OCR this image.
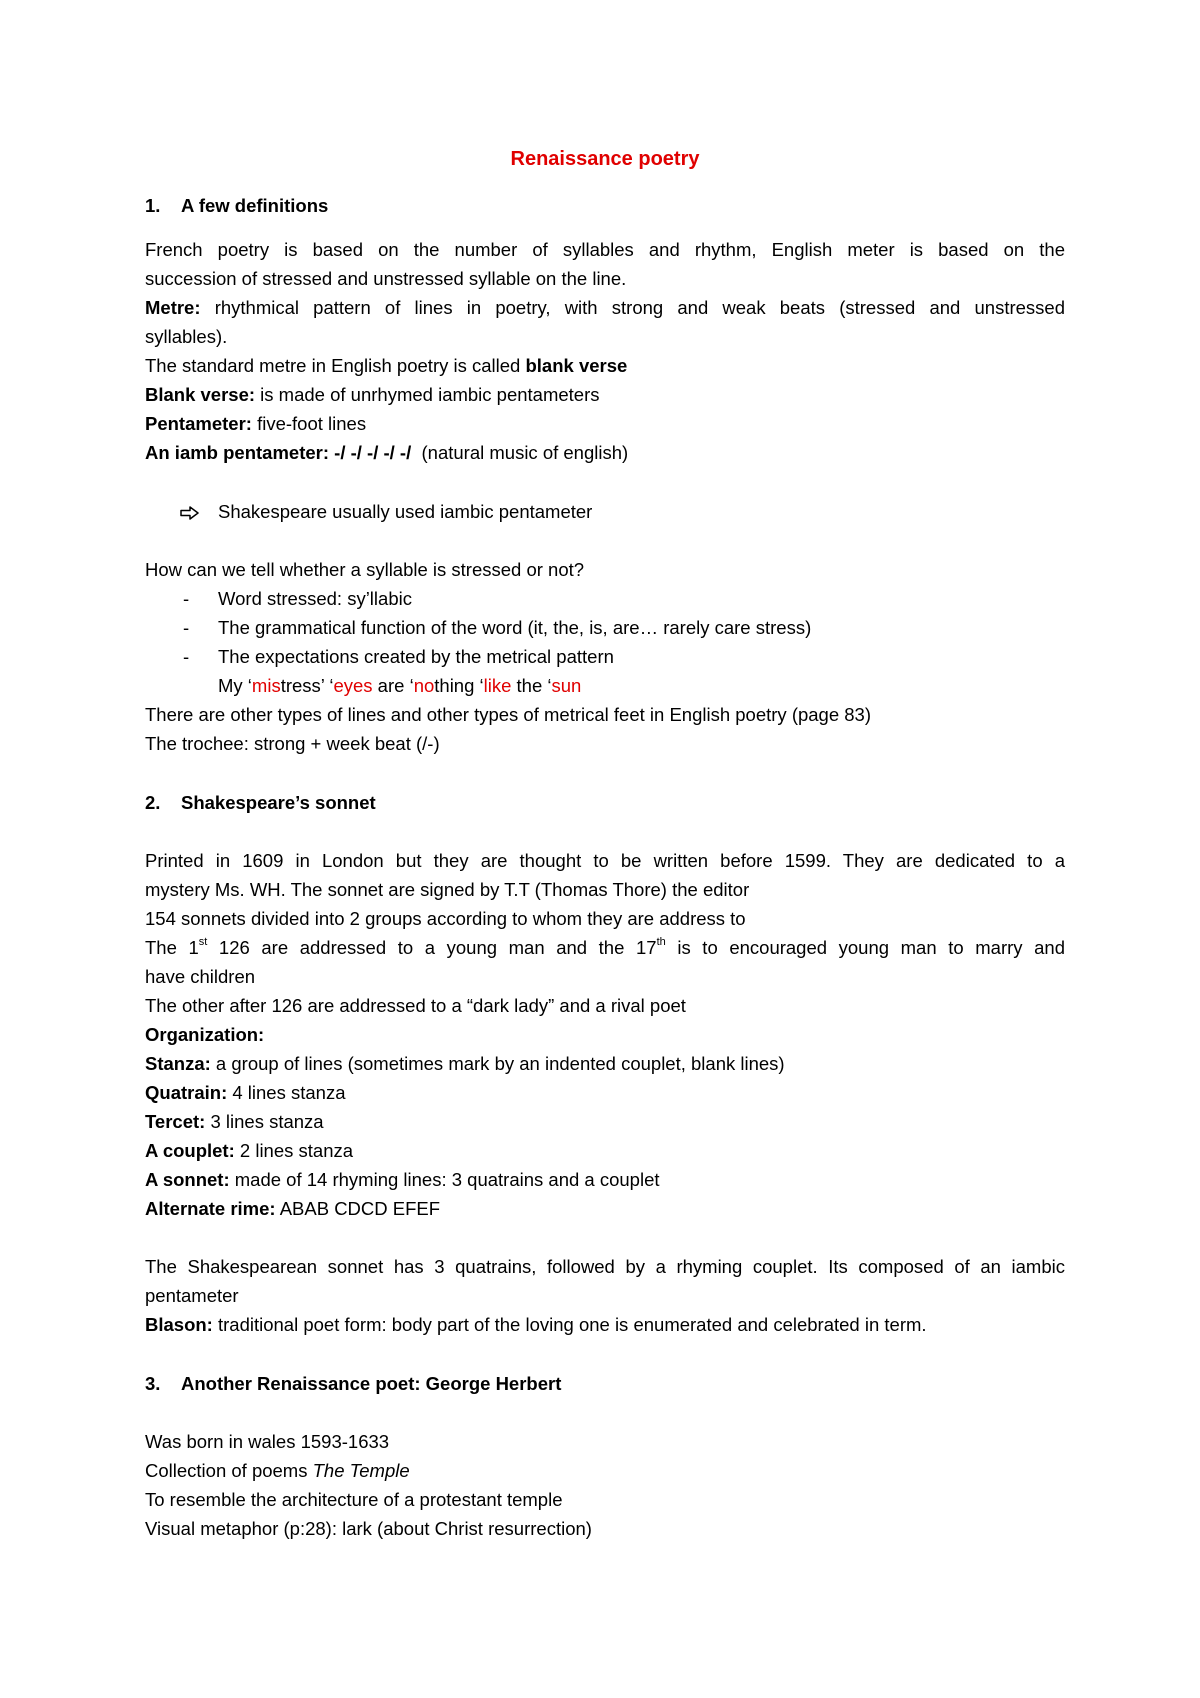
Renaissance poetry
1. A few definitions
French poetry is based on the number of syllables and rhythm, English meter is based on the
succession of stressed and unstressed syllable on the line.
Metre: rhythmical pattern of lines in poetry, with strong and weak beats (stressed and unstressed
syllables).
The standard metre in English poetry is called blank verse
Blank verse: is made of unrhymed iambic pentameters
Pentameter: five-foot lines
An iamb pentameter: -/ -/ -/ -/ -/  (natural music of english)
Shakespeare usually used iambic pentameter
How can we tell whether a syllable is stressed or not?
- Word stressed: sy’llabic
- The grammatical function of the word (it, the, is, are… rarely care stress)
- The expectations created by the metrical pattern
My ‘mistress’ ‘eyes are ‘nothing ‘like the ‘sun
There are other types of lines and other types of metrical feet in English poetry (page 83)
The trochee: strong + week beat (/-)
2. Shakespeare’s sonnet
Printed in 1609 in London but they are thought to be written before 1599. They are dedicated to a
mystery Ms. WH. The sonnet are signed by T.T (Thomas Thore) the editor
154 sonnets divided into 2 groups according to whom they are address to
The 1st 126 are addressed to a young man and the 17th is to encouraged young man to marry and
have children
The other after 126 are addressed to a “dark lady” and a rival poet
Organization:
Stanza: a group of lines (sometimes mark by an indented couplet, blank lines)
Quatrain: 4 lines stanza
Tercet: 3 lines stanza
A couplet: 2 lines stanza
A sonnet: made of 14 rhyming lines: 3 quatrains and a couplet
Alternate rime: ABAB CDCD EFEF
The Shakespearean sonnet has 3 quatrains, followed by a rhyming couplet. Its composed of an iambic
pentameter
Blason: traditional poet form: body part of the loving one is enumerated and celebrated in term.
3. Another Renaissance poet: George Herbert
Was born in wales 1593-1633
Collection of poems The Temple
To resemble the architecture of a protestant temple
Visual metaphor (p:28): lark (about Christ resurrection)
